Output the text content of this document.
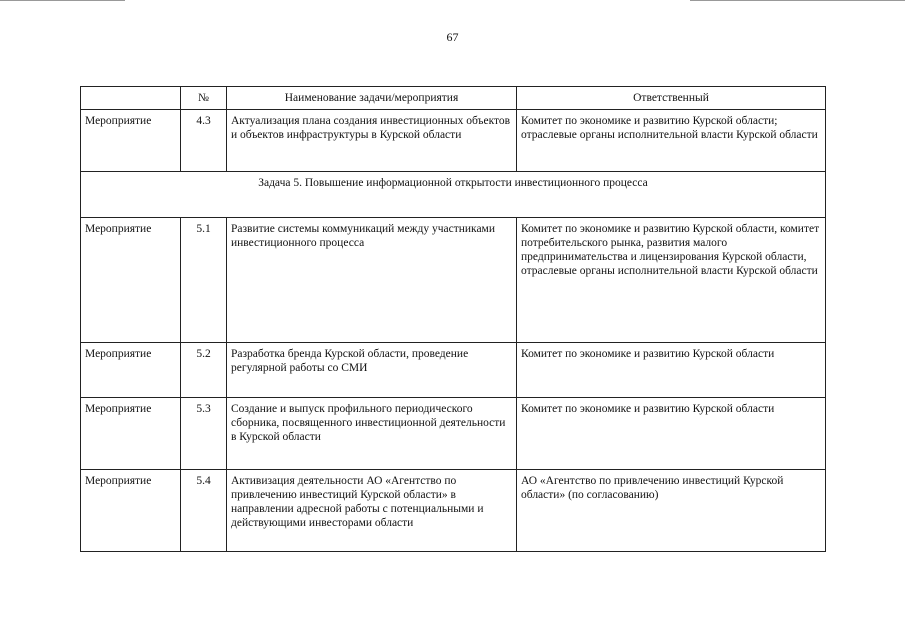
67
	№	Наименование задачи/мероприятия	Ответственный
Мероприятие	4.3	Актуализация плана создания инвестиционных объектов и объектов инфраструктуры в Курской области	Комитет по экономике и развитию Курской области; отраслевые органы исполнительной власти Курской области
Задача 5. Повышение информационной открытости инвестиционного процесса			
Мероприятие	5.1	Развитие системы коммуникаций между участниками инвестиционного процесса	Комитет по экономике и развитию Курской области, комитет потребительского рынка, развития малого предпринимательства и лицензирования Курской области, отраслевые органы исполнительной власти Курской области
Мероприятие	5.2	Разработка бренда Курской области, проведение регулярной работы со СМИ	Комитет по экономике и развитию Курской области
Мероприятие	5.3	Создание и выпуск профильного периодического сборника, посвященного инвестиционной деятельности в Курской области	Комитет по экономике и развитию Курской области
Мероприятие	5.4	Активизация деятельности АО «Агентство по привлечению инвестиций Курской области» в направлении адресной работы с потенциальными и действующими инвесторами области	АО «Агентство по привлечению инвестиций Курской области» (по согласованию)
